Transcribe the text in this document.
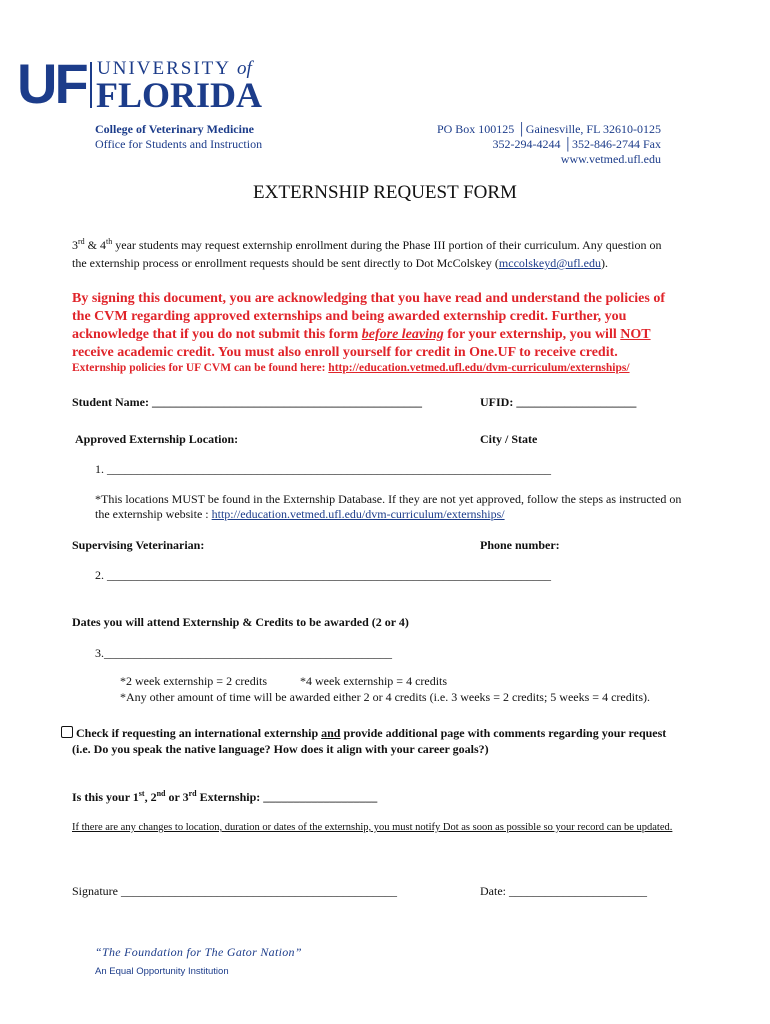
UF UNIVERSITY of
FLORIDA
College of Veterinary Medicine
Office for Students and Instruction
PO Box 100125 │Gainesville, FL 32610-0125
352-294-4244 │352-846-2744 Fax
www.vetmed.ufl.edu
EXTERNSHIP REQUEST FORM
3rd & 4th year students may request externship enrollment during the Phase III portion of their curriculum. Any question on
the externship process or enrollment requests should be sent directly to Dot McColskey (mccolskeyd@ufl.edu).
By signing this document, you are acknowledging that you have read and understand the policies of
the CVM regarding approved externships and being awarded externship credit. Further, you
acknowledge that if you do not submit this form before leaving for your externship, you will NOT
receive academic credit. You must also enroll yourself for credit in One.UF to receive credit.
Externship policies for UF CVM can be found here: http://education.vetmed.ufl.edu/dvm-curriculum/externships/
Student Name: _____________________________________________	UFID: ____________________
Approved Externship Location:	City / State
1. __________________________________________________________________________
*This locations MUST be found in the Externship Database. If they are not yet approved, follow the steps as instructed on
the externship website : http://education.vetmed.ufl.edu/dvm-curriculum/externships/
Supervising Veterinarian:	Phone number:
2. __________________________________________________________________________
Dates you will attend Externship & Credits to be awarded (2 or 4)
3.________________________________________________
*2 week externship = 2 credits	*4 week externship = 4 credits
*Any other amount of time will be awarded either 2 or 4 credits (i.e. 3 weeks = 2 credits; 5 weeks = 4 credits).
Check if requesting an international externship and provide additional page with comments regarding your request
(i.e. Do you speak the native language? How does it align with your career goals?)
Is this your 1st, 2nd or 3rd Externship: ___________________
If there are any changes to location, duration or dates of the externship, you must notify Dot as soon as possible so your record can be updated.
Signature ______________________________________________	Date: _______________________
“The Foundation for The Gator Nation”
An Equal Opportunity Institution
